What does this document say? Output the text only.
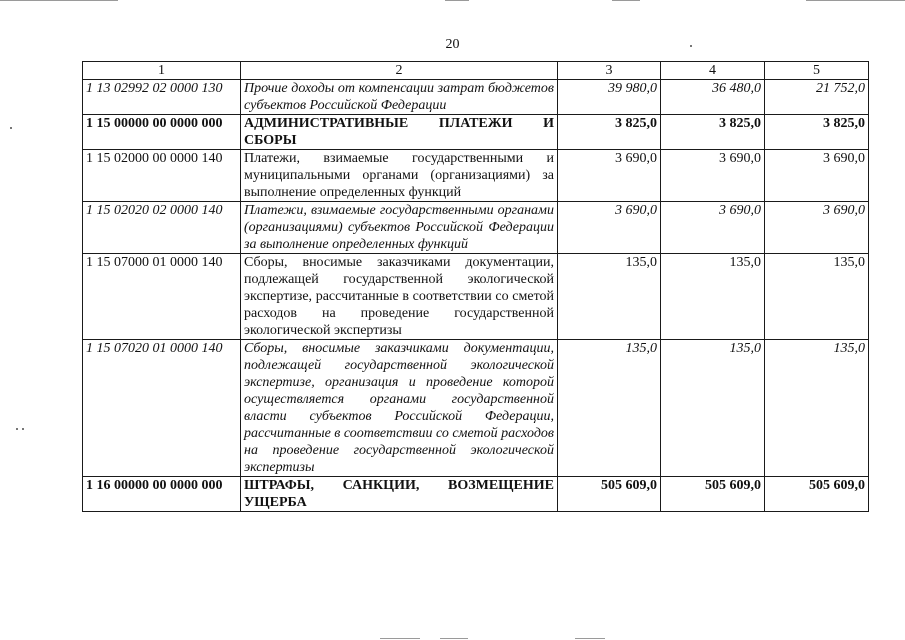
20
1	2	3	4	5
1 13 02992 02 0000 130	Прочие доходы от компенсации затрат бюджетов субъектов Российской Федерации	39 980,0	36 480,0	21 752,0
1 15 00000 00 0000 000	АДМИНИСТРАТИВНЫЕ ПЛАТЕЖИ И СБОРЫ	3 825,0	3 825,0	3 825,0
1 15 02000 00 0000 140	Платежи, взимаемые государственными и муниципальными органами (организациями) за выполнение определенных функций	3 690,0	3 690,0	3 690,0
1 15 02020 02 0000 140	Платежи, взимаемые государственными органами (организациями) субъектов Российской Федерации за выполнение определенных функций	3 690,0	3 690,0	3 690,0
1 15 07000 01 0000 140	Сборы, вносимые заказчиками документации, подлежащей государственной экологической экспертизе, рассчитанные в соответствии со сметой расходов на проведение государственной экологической экспертизы	135,0	135,0	135,0
1 15 07020 01 0000 140	Сборы, вносимые заказчиками документации, подлежащей государственной экологической экспертизе, организация и проведение которой осуществляется органами государственной власти субъектов Российской Федерации, рассчитанные в соответствии со сметой расходов на проведение государственной экологической экспертизы	135,0	135,0	135,0
1 16 00000 00 0000 000	ШТРАФЫ, САНКЦИИ, ВОЗМЕЩЕНИЕ УЩЕРБА	505 609,0	505 609,0	505 609,0
